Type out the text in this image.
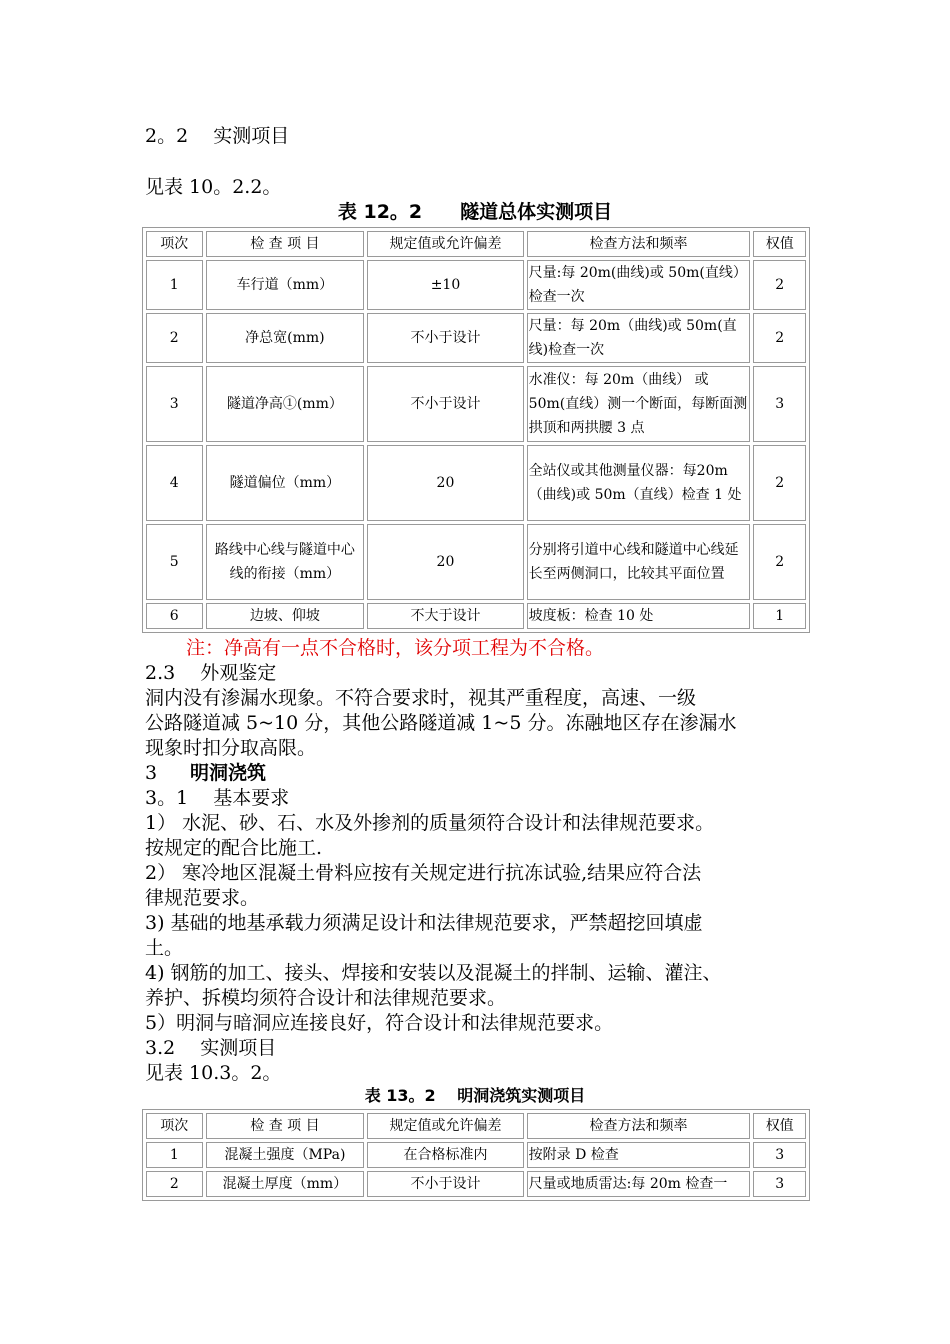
2。2　 实测项目
见表 10。2.2。
表 12。2　　隧道总体实测项目
项次	检 查 项 目	规定值或允许偏差	检查方法和频率	权值
1	车行道（mm）	±10	尺量:每 20m(曲线)或 50m(直线）检查一次	2
2	净总宽(mm)	不小于设计	尺量：每 20m（曲线)或 50m(直线)检查一次	2
3	隧道净高①(mm）	不小于设计	水准仪：每 20m（曲线） 或50m(直线）测一个断面，每断面测拱顶和两拱腰 3 点	3
4	隧道偏位（mm）	20	全站仪或其他测量仪器：每20m（曲线)或 50m（直线）检查 1 处	2
5	路线中心线与隧道中心线的衔接（mm）	20	分别将引道中心线和隧道中心线延长至两侧洞口，比较其平面位置	2
6	边坡、仰坡	不大于设计	坡度板：检查 10 处	1
注：净高有一点不合格时，该分项工程为不合格。
2.3　 外观鉴定
洞内没有渗漏水现象。不符合要求时，视其严重程度，高速、一级
公路隧道减 5~10 分，其他公路隧道减 1~5 分。冻融地区存在渗漏水
现象时扣分取高限。
3 明洞浇筑
3。1　 基本要求
1） 水泥、砂、石、水及外掺剂的质量须符合设计和法律规范要求。
按规定的配合比施工.
2） 寒冷地区混凝土骨料应按有关规定进行抗冻试验,结果应符合法
律规范要求。
3) 基础的地基承载力须满足设计和法律规范要求，严禁超挖回填虚
土。
4) 钢筋的加工、接头、焊接和安装以及混凝土的拌制、运输、灌注、
养护、拆模均须符合设计和法律规范要求。
5）明洞与暗洞应连接良好，符合设计和法律规范要求。
3.2　 实测项目
见表 10.3。2。
表 13。2　 明洞浇筑实测项目
项次	检 查 项 目	规定值或允许偏差	检查方法和频率	权值
1	混凝土强度（MPa)	在合格标准内	按附录 D 检查	3
2	混凝土厚度（mm）	不小于设计	尺量或地质雷达:每 20m 检查一	3
